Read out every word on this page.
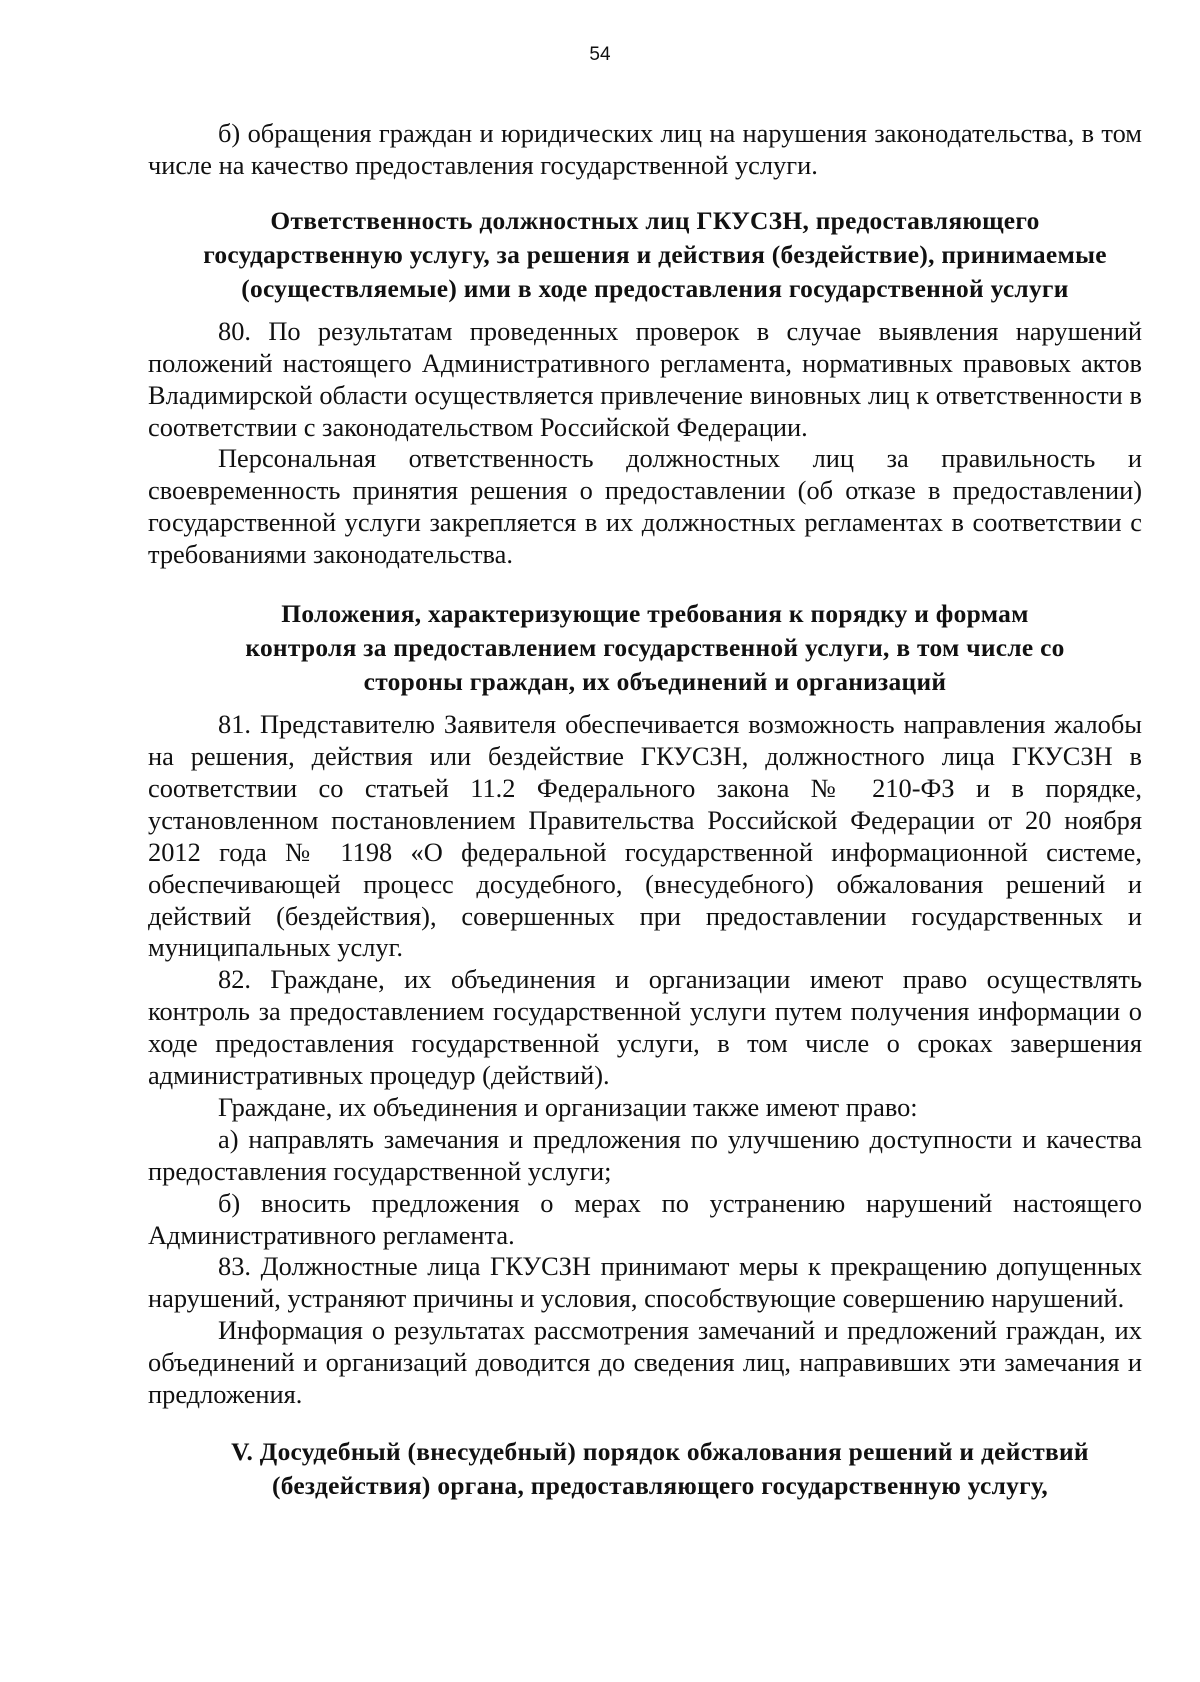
54

б) обращения граждан и юридических лиц на нарушения законодательства, в том числе на качество предоставления государственной услуги.

Ответственность должностных лиц ГКУСЗН, предоставляющего
государственную услугу, за решения и действия (бездействие), принимаемые
(осуществляемые) ими в ходе предоставления государственной услуги

80. По результатам проведенных проверок в случае выявления нарушений положений настоящего Административного регламента, нормативных правовых актов Владимирской области осуществляется привлечение виновных лиц к ответственности в соответствии с законодательством Российской Федерации.

Персональная ответственность должностных лиц за правильность и своевременность принятия решения о предоставлении (об отказе в предоставлении) государственной услуги закрепляется в их должностных регламентах в соответствии с требованиями законодательства.

Положения, характеризующие требования к порядку и формам
контроля за предоставлением государственной услуги, в том числе со
стороны граждан, их объединений и организаций

81. Представителю Заявителя обеспечивается возможность направления жалобы на решения, действия или бездействие ГКУСЗН, должностного лица ГКУСЗН в соответствии со статьей 11.2 Федерального закона № 210-ФЗ и в порядке, установленном постановлением Правительства Российской Федерации от 20 ноября 2012 года № 1198 «О федеральной государственной информационной системе, обеспечивающей процесс досудебного, (внесудебного) обжалования решений и действий (бездействия), совершенных при предоставлении государственных и муниципальных услуг.

82. Граждане, их объединения и организации имеют право осуществлять контроль за предоставлением государственной услуги путем получения информации о ходе предоставления государственной услуги, в том числе о сроках завершения административных процедур (действий).

Граждане, их объединения и организации также имеют право:

а) направлять замечания и предложения по улучшению доступности и качества предоставления государственной услуги;

б) вносить предложения о мерах по устранению нарушений настоящего Административного регламента.

83. Должностные лица ГКУСЗН принимают меры к прекращению допущенных нарушений, устраняют причины и условия, способствующие совершению нарушений.

Информация о результатах рассмотрения замечаний и предложений граждан, их объединений и организаций доводится до сведения лиц, направивших эти замечания и предложения.

V. Досудебный (внесудебный) порядок обжалования решений и действий
(бездействия) органа, предоставляющего государственную услугу,
